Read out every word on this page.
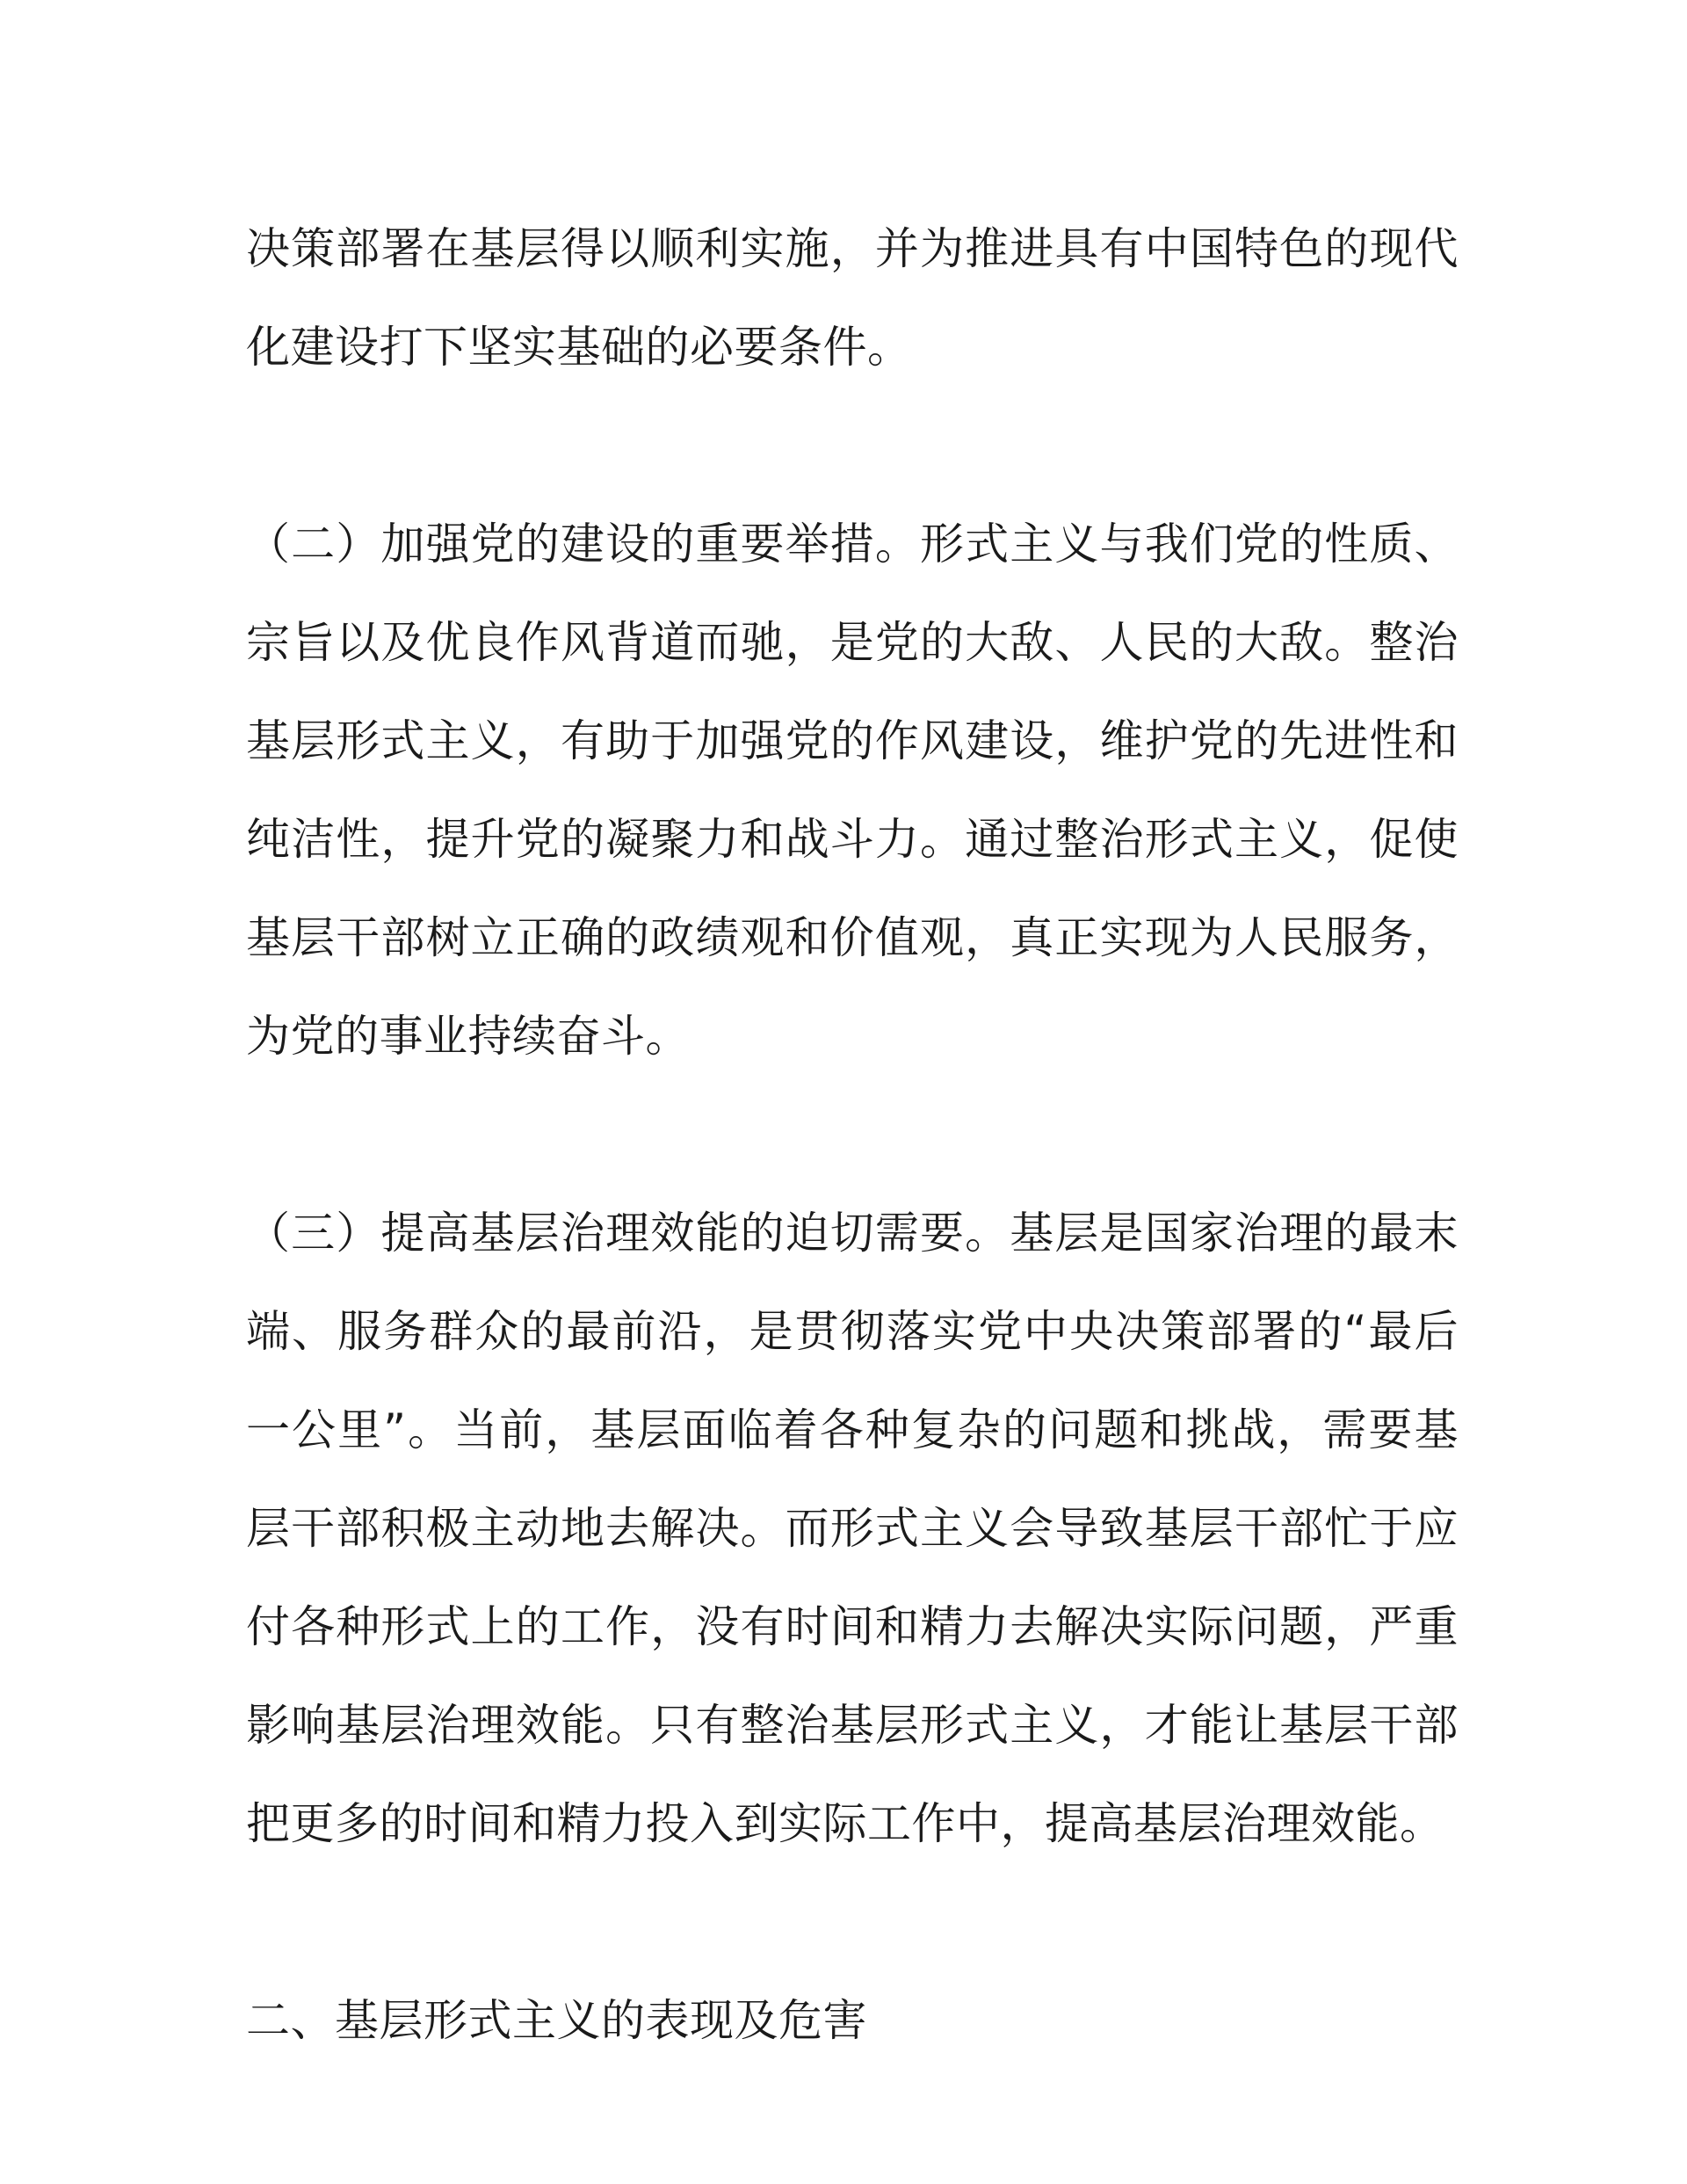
决策部署在基层得以顺利实施，并为推进具有中国特色的现代化建设打下坚实基础的必要条件。

（二）加强党的建设的重要举措。形式主义与我们党的性质、宗旨以及优良作风背道而驰，是党的大敌、人民的大敌。整治基层形式主义，有助于加强党的作风建设，维护党的先进性和纯洁性，提升党的凝聚力和战斗力。通过整治形式主义，促使基层干部树立正确的政绩观和价值观，真正实现为人民服务，为党的事业持续奋斗。

（三）提高基层治理效能的迫切需要。基层是国家治理的最末端、服务群众的最前沿，是贯彻落实党中央决策部署的“最后一公里”。当前，基层面临着各种复杂的问题和挑战，需要基层干部积极主动地去解决。而形式主义会导致基层干部忙于应付各种形式上的工作，没有时间和精力去解决实际问题，严重影响基层治理效能。只有整治基层形式主义，才能让基层干部把更多的时间和精力投入到实际工作中，提高基层治理效能。

二、基层形式主义的表现及危害
